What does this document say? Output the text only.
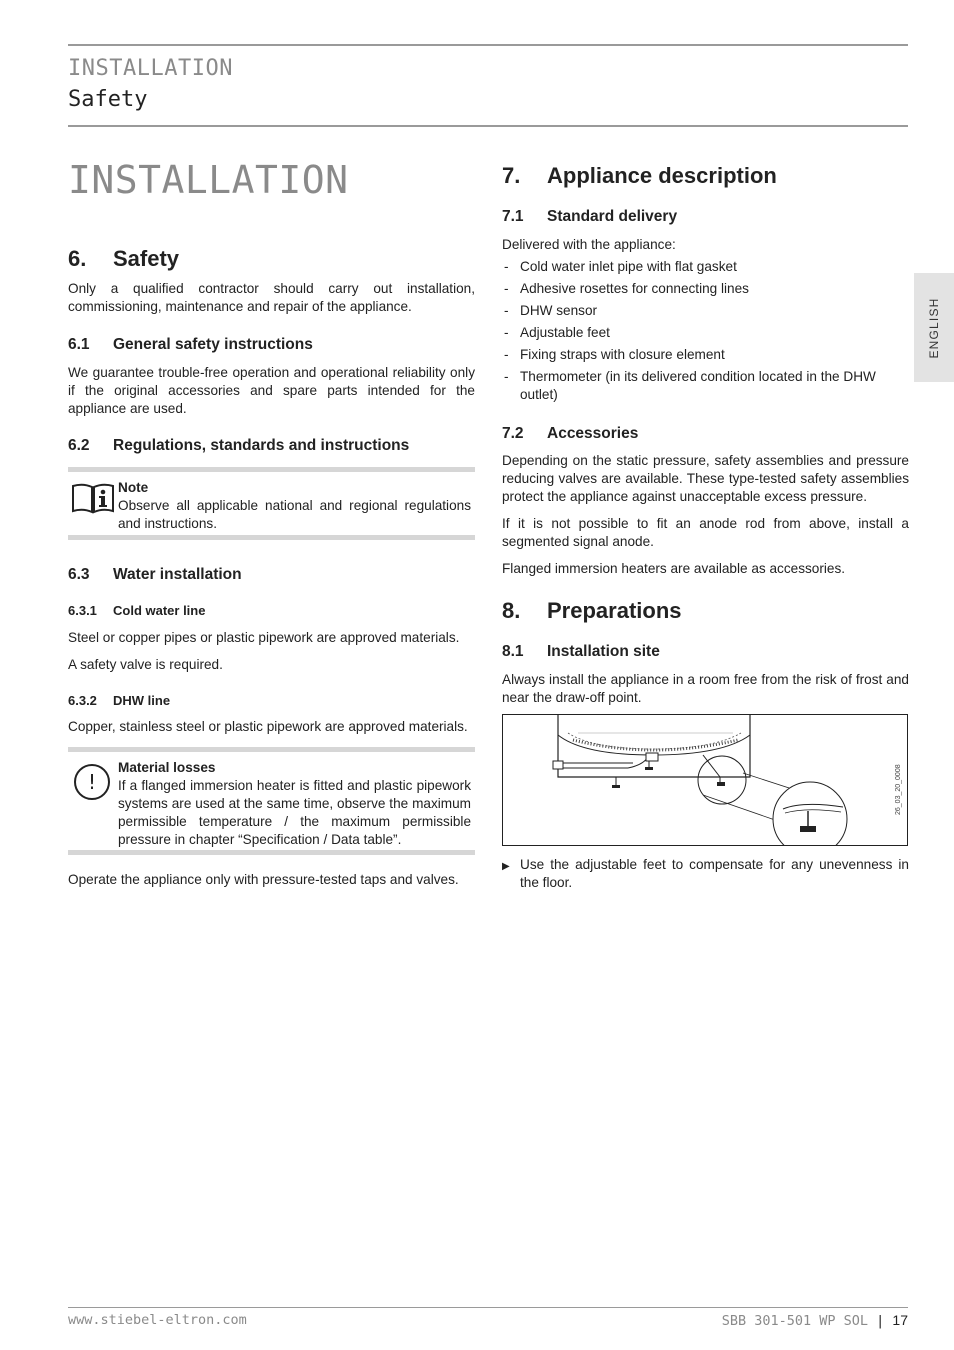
INSTALLATION
Safety
INSTALLATION
ENGLISH
6.	Safety

Only a qualified contractor should carry out installation, commissioning, maintenance and repair of the appliance.

6.1	General safety instructions

We guarantee trouble-free operation and operational reliability only if the original accessories and spare parts intended for the appliance are used.

6.2	Regulations, standards and instructions
Note

Observe all applicable national and regional regulations and instructions.

6.3	Water installation
6.3.1	Cold water line

Steel or copper pipes or plastic pipework are approved materials.

A safety valve is required.

6.3.2	DHW line

Copper, stainless steel or plastic pipework are approved materials.

!
Material losses

If a flanged immersion heater is fitted and plastic pipework systems are used at the same time, observe the maximum permissible temperature / the maximum permissible pressure in chapter “Specification / Data table”.

Operate the appliance only with pressure-tested taps and valves.

7.	Appliance description
7.1	Standard delivery

Delivered with the appliance:

- Cold water inlet pipe with flat gasket
- Adhesive rosettes for connecting lines
- DHW sensor
- Adjustable feet
- Fixing straps with closure element
- Thermometer (in its delivered condition located in the DHW outlet)
7.2	Accessories

Depending on the static pressure, safety assemblies and pressure reducing valves are available. These type-tested safety assemblies protect the appliance against unacceptable excess pressure.

If it is not possible to fit an anode rod from above, install a segmented signal anode.

Flanged immersion heaters are available as accessories.

8.	Preparations
8.1	Installation site

Always install the appliance in a room free from the risk of frost and near the draw-off point.

26_03_20_0008
▶ Use the adjustable feet to compensate for any unevenness in the floor.

www.stiebel-eltron.com	SBB 301-501 WP SOL | 17
